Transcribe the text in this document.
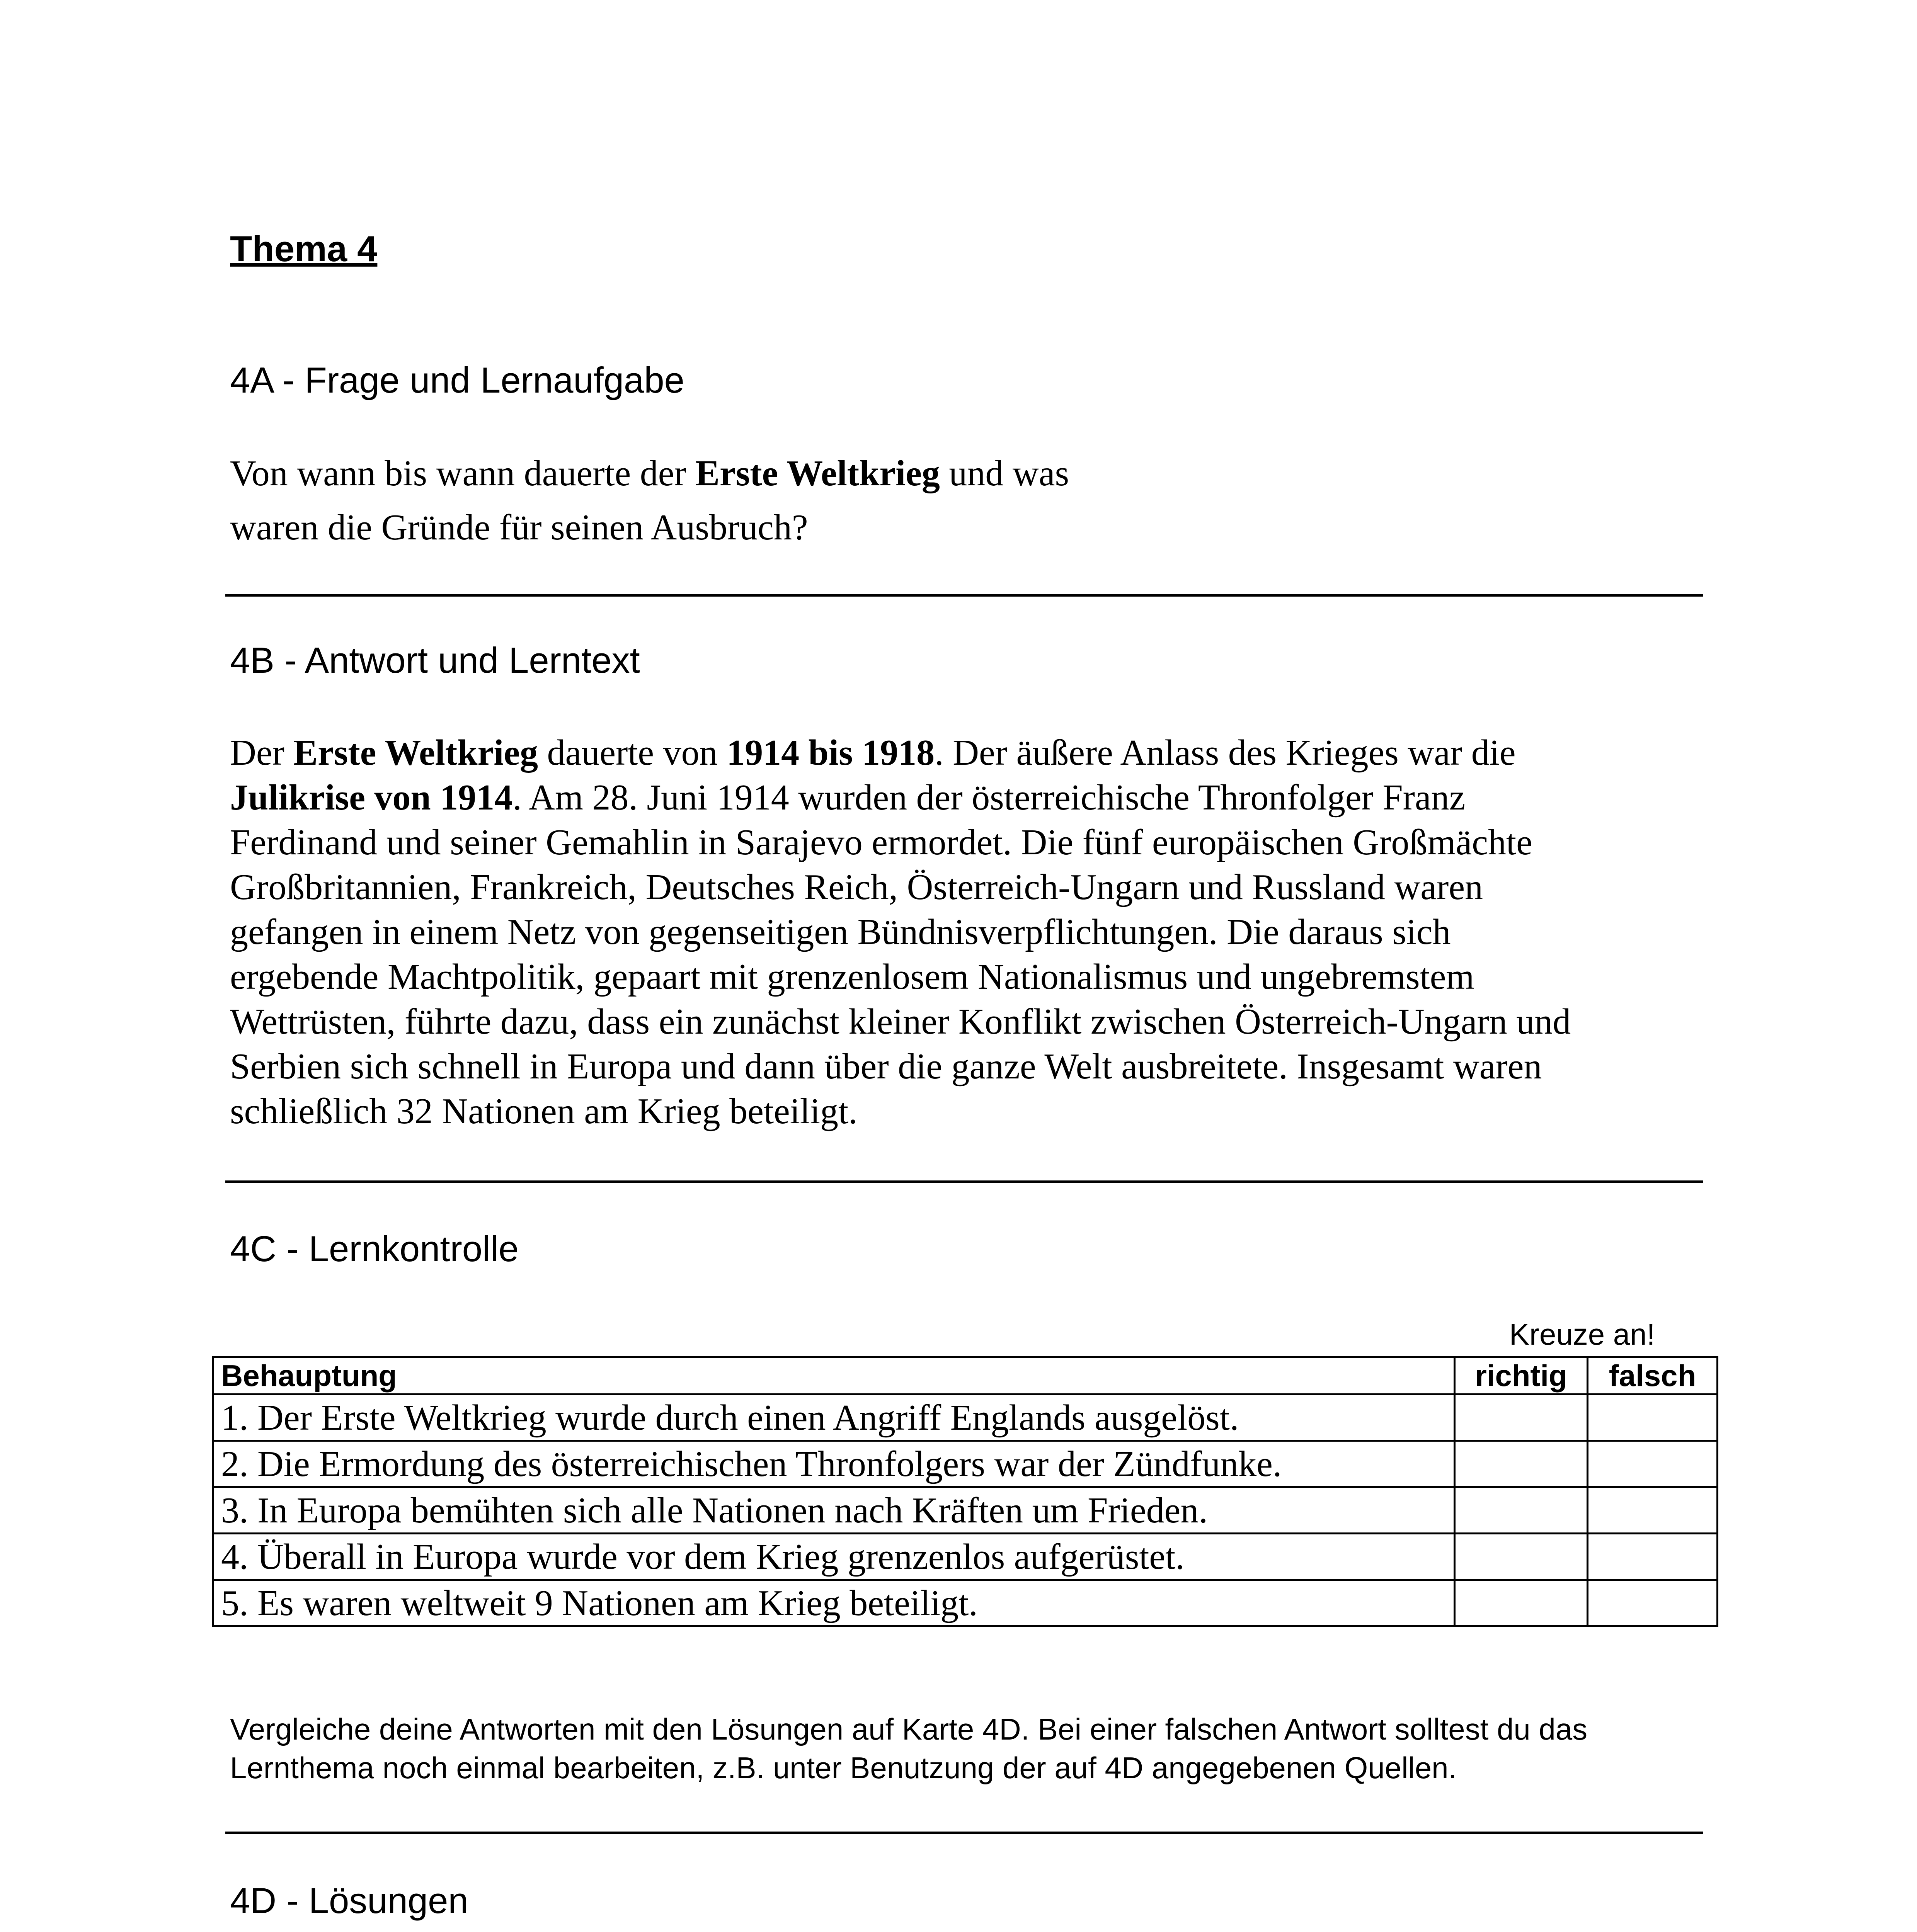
Thema 4
4A - Frage und Lernaufgabe
Von wann bis wann dauerte der Erste Weltkrieg und was
waren die Gründe für seinen Ausbruch?
4B - Antwort und Lerntext
Der Erste Weltkrieg dauerte von 1914 bis 1918. Der äußere Anlass des Krieges war die
Julikrise von 1914. Am 28. Juni 1914 wurden der österreichische Thronfolger Franz
Ferdinand und seiner Gemahlin in Sarajevo ermordet. Die fünf europäischen Großmächte
Großbritannien, Frankreich, Deutsches Reich, Österreich-Ungarn und Russland waren
gefangen in einem Netz von gegenseitigen Bündnisverpflichtungen. Die daraus sich
ergebende Machtpolitik, gepaart mit grenzenlosem Nationalismus und ungebremstem
Wettrüsten, führte dazu, dass ein zunächst kleiner Konflikt zwischen Österreich-Ungarn und
Serbien sich schnell in Europa und dann über die ganze Welt ausbreitete. Insgesamt waren
schließlich 32 Nationen am Krieg beteiligt.
4C - Lernkontrolle
Kreuze an!
Behauptung	richtig	falsch
1. Der Erste Weltkrieg wurde durch einen Angriff Englands ausgelöst.		
2. Die Ermordung des österreichischen Thronfolgers war der Zündfunke.		
3. In Europa bemühten sich alle Nationen nach Kräften um Frieden.		
4. Überall in Europa wurde vor dem Krieg grenzenlos aufgerüstet.		
5. Es waren weltweit 9 Nationen am Krieg beteiligt.		
Vergleiche deine Antworten mit den Lösungen auf Karte 4D. Bei einer falschen Antwort solltest du das
Lernthema noch einmal bearbeiten, z.B. unter Benutzung der auf 4D angegebenen Quellen.
4D - Lösungen
